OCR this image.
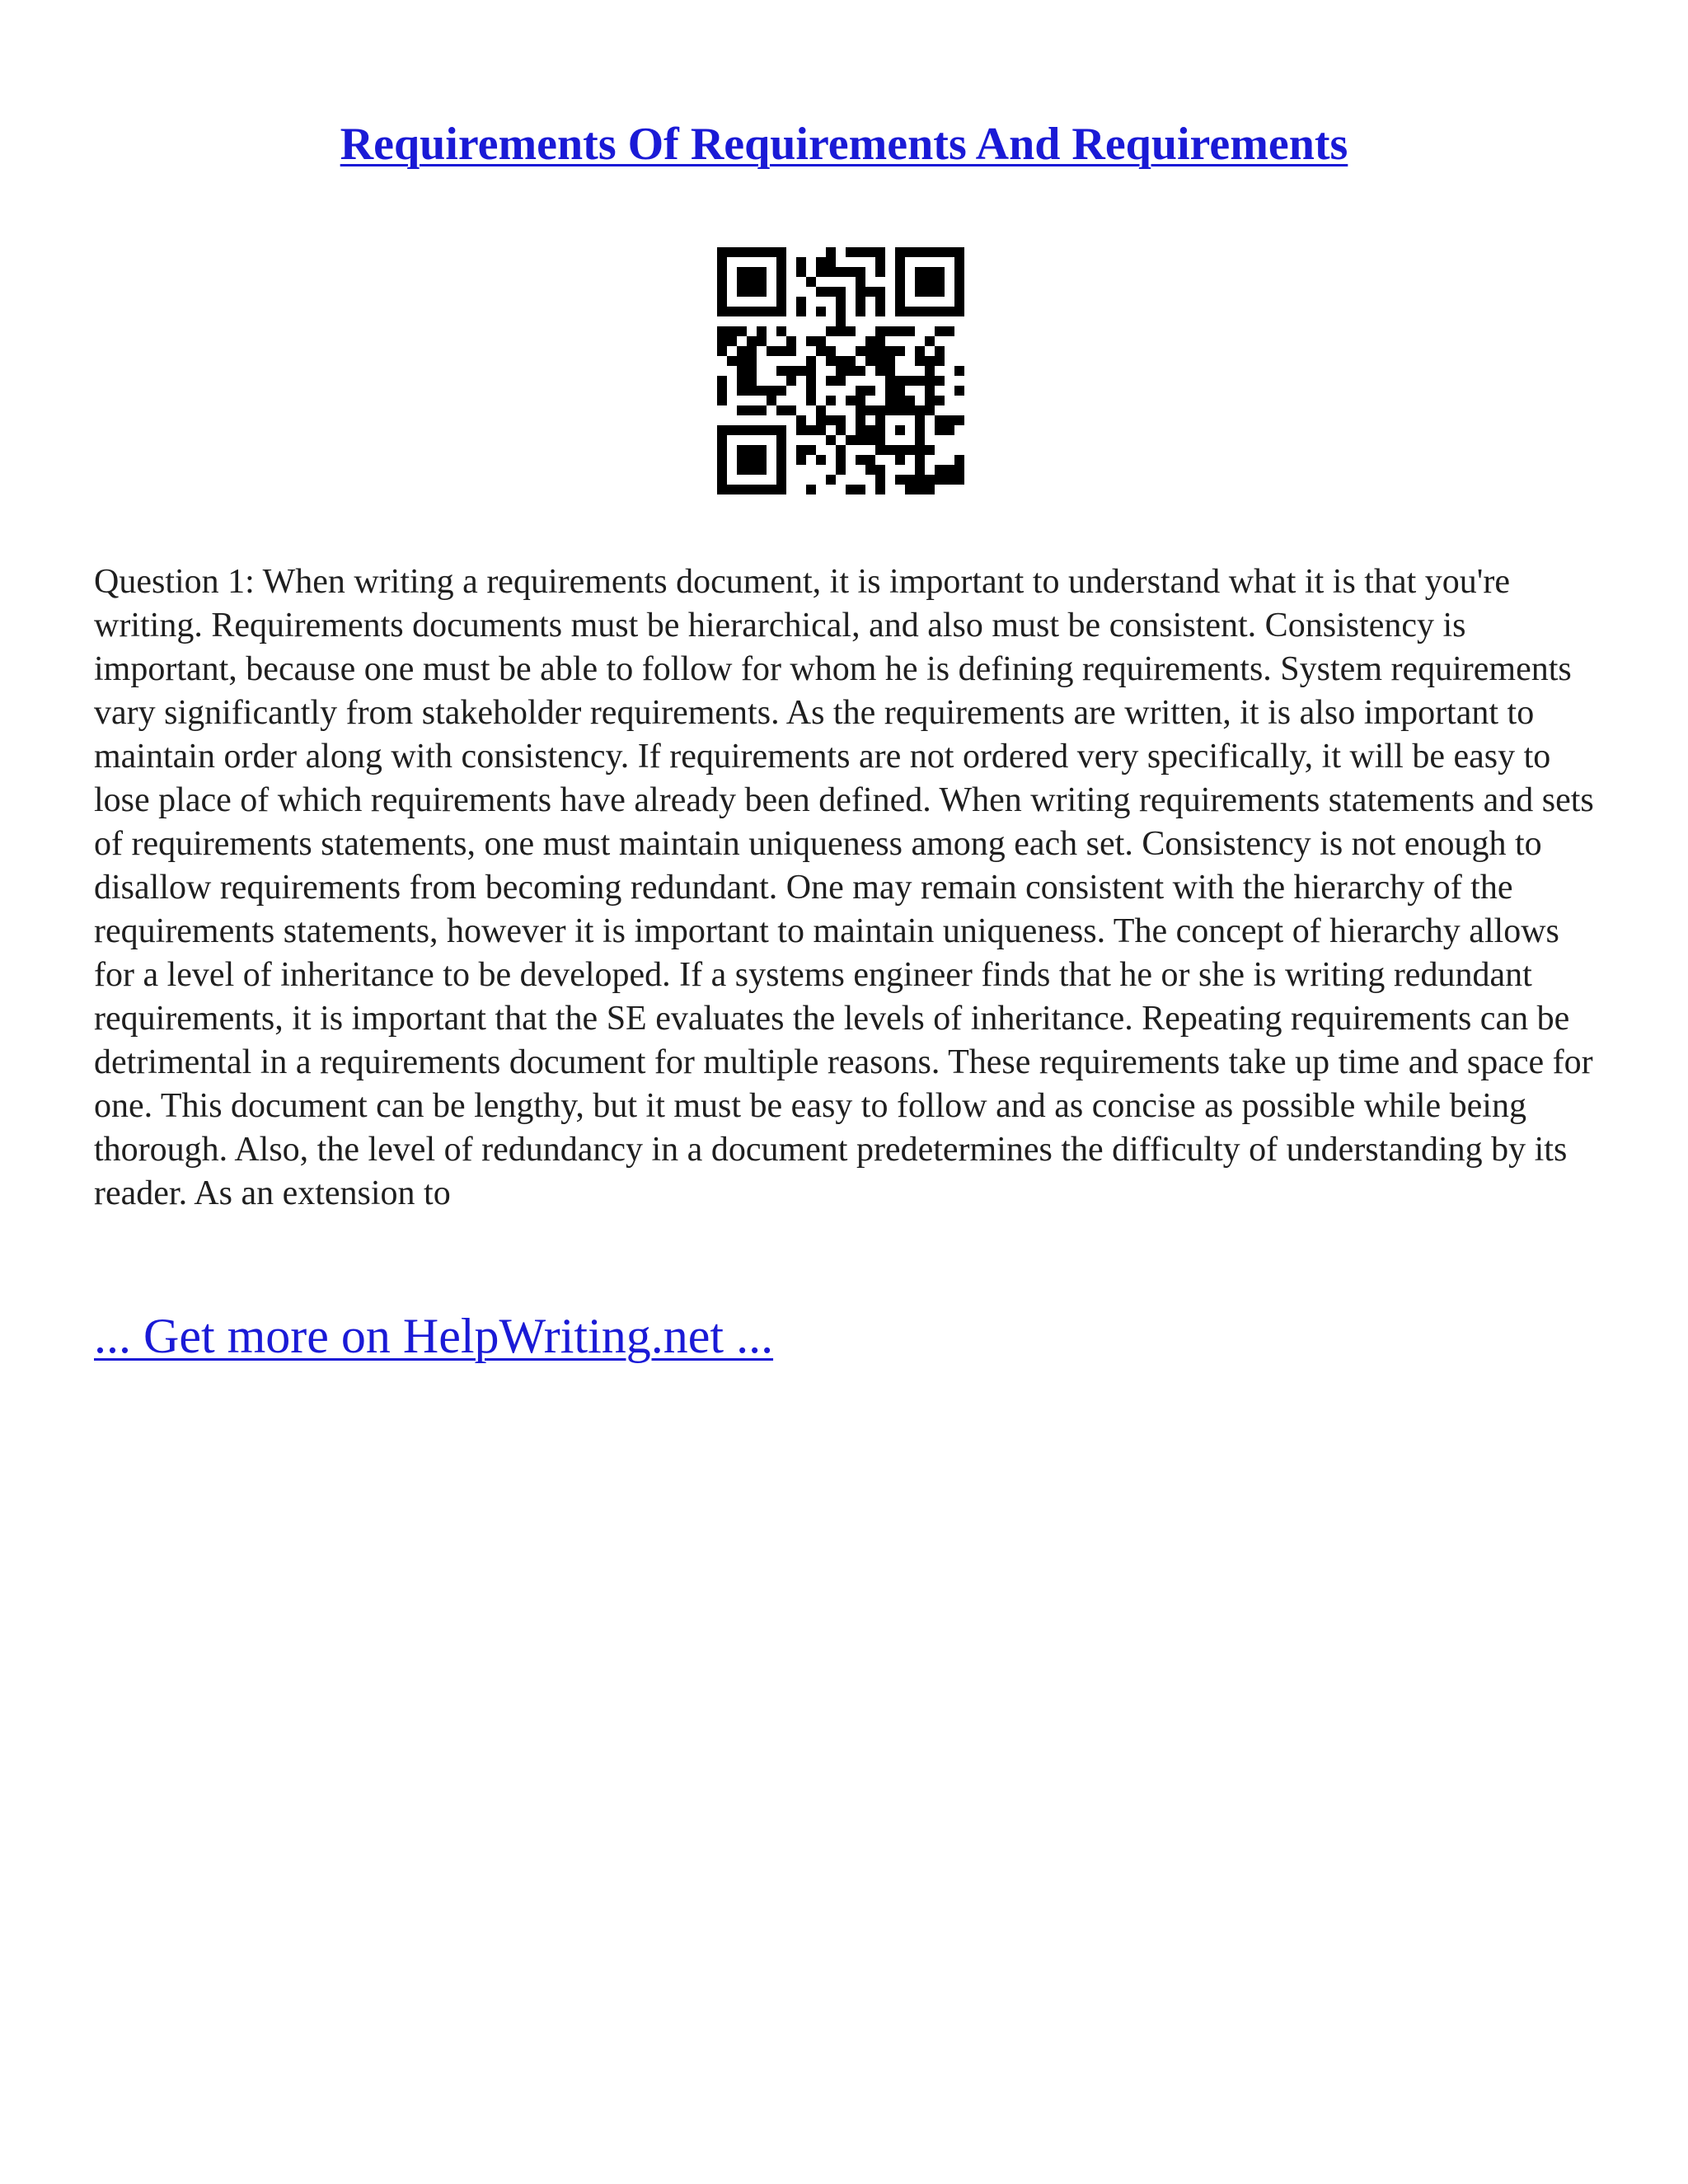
Requirements Of Requirements And Requirements

Question 1: When writing a requirements document, it is important to understand what it is that you're writing. Requirements documents must be hierarchical, and also must be consistent. Consistency is important, because one must be able to follow for whom he is defining requirements. System requirements vary significantly from stakeholder requirements. As the requirements are written, it is also important to maintain order along with consistency. If requirements are not ordered very specifically, it will be easy to lose place of which requirements have already been defined. When writing requirements statements and sets of requirements statements, one must maintain uniqueness among each set. Consistency is not enough to disallow requirements from becoming redundant. One may remain consistent with the hierarchy of the requirements statements, however it is important to maintain uniqueness. The concept of hierarchy allows for a level of inheritance to be developed. If a systems engineer finds that he or she is writing redundant requirements, it is important that the SE evaluates the levels of inheritance. Repeating requirements can be detrimental in a requirements document for multiple reasons. These requirements take up time and space for one. This document can be lengthy, but it must be easy to follow and as concise as possible while being thorough. Also, the level of redundancy in a document predetermines the difficulty of understanding by its reader. As an extension to

... Get more on HelpWriting.net ...
